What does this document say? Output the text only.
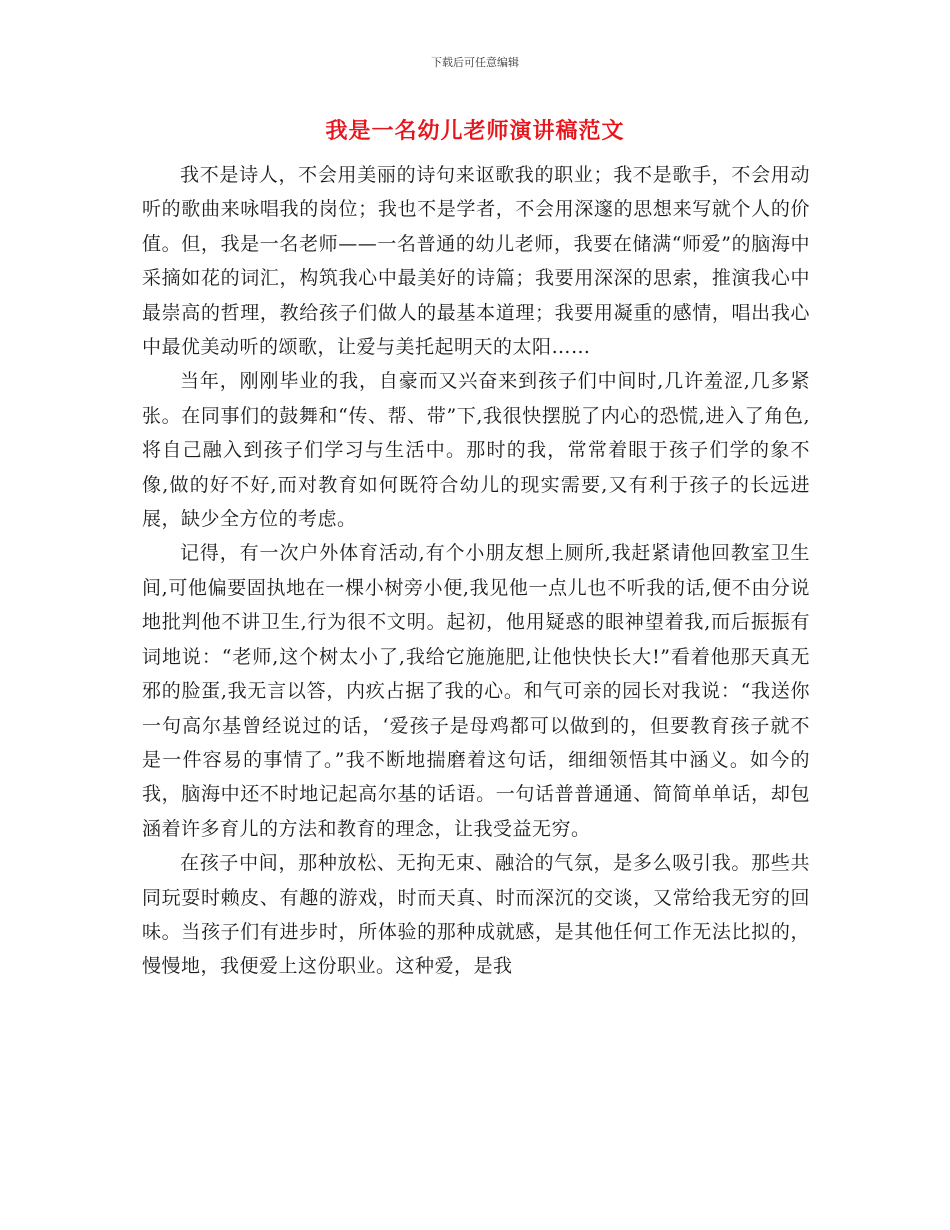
下载后可任意编辑
我是一名幼儿老师演讲稿范文

我不是诗人，不会用美丽的诗句来讴歌我的职业；我不是歌手，不会用动听的歌曲来咏唱我的岗位；我也不是学者，不会用深邃的思想来写就个人的价值。但，我是一名老师——一名普通的幼儿老师，我要在储满“师爱”的脑海中采摘如花的词汇，构筑我心中最美好的诗篇；我要用深深的思索，推演我心中最崇高的哲理，教给孩子们做人的最基本道理；我要用凝重的感情，唱出我心中最优美动听的颂歌，让爱与美托起明天的太阳……

当年，刚刚毕业的我，自豪而又兴奋来到孩子们中间时,几许羞涩,几多紧张。在同事们的鼓舞和“传、帮、带”下,我很快摆脱了内心的恐慌,进入了角色,将自己融入到孩子们学习与生活中。那时的我，常常着眼于孩子们学的象不像,做的好不好,而对教育如何既符合幼儿的现实需要,又有利于孩子的长远进展，缺少全方位的考虑。

记得，有一次户外体育活动,有个小朋友想上厕所,我赶紧请他回教室卫生间,可他偏要固执地在一棵小树旁小便,我见他一点儿也不听我的话,便不由分说地批判他不讲卫生,行为很不文明。起初，他用疑惑的眼神望着我,而后振振有词地说：“老师,这个树太小了,我给它施施肥,让他快快长大!”看着他那天真无邪的脸蛋,我无言以答，内疚占据了我的心。和气可亲的园长对我说：“我送你一句高尔基曾经说过的话，‘爱孩子是母鸡都可以做到的，但要教育孩子就不是一件容易的事情了。”我不断地揣磨着这句话，细细领悟其中涵义。如今的我，脑海中还不时地记起高尔基的话语。一句话普普通通、简简单单话，却包涵着许多育儿的方法和教育的理念，让我受益无穷。

在孩子中间，那种放松、无拘无束、融洽的气氛，是多么吸引我。那些共同玩耍时赖皮、有趣的游戏，时而天真、时而深沉的交谈，又常给我无穷的回味。当孩子们有进步时，所体验的那种成就感，是其他任何工作无法比拟的，慢慢地，我便爱上这份职业。这种爱，是我
